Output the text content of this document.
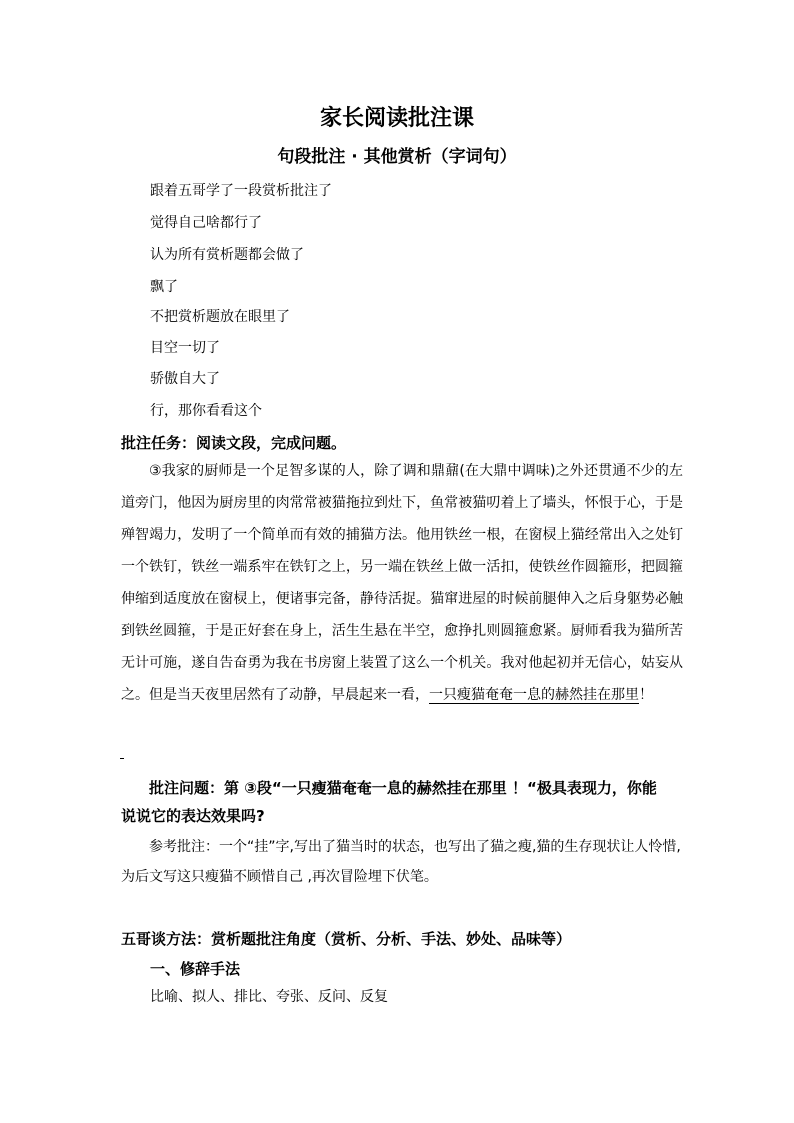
家长阅读批注课
句段批注 · 其他赏析（字词句）
跟着五哥学了一段赏析批注了
觉得自己啥都行了
认为所有赏析题都会做了
飘了
不把赏析题放在眼里了
目空一切了
骄傲自大了
行，那你看看这个
批注任务：阅读文段，完成问题。
③我家的厨师是一个足智多谋的人，除了调和鼎鼐(在大鼎中调味)之外还贯通不少的左道旁门，他因为厨房里的肉常常被猫拖拉到灶下，鱼常被猫叨着上了墙头，怀恨于心，于是殚智竭力，发明了一个简单而有效的捕猫方法。他用铁丝一根，在窗棂上猫经常出入之处钉一个铁钉，铁丝一端系牢在铁钉之上，另一端在铁丝上做一活扣，使铁丝作圆箍形，把圆箍伸缩到适度放在窗棂上，便诸事完备，静待活捉。猫窜进屋的时候前腿伸入之后身躯势必触到铁丝圆箍，于是正好套在身上，活生生悬在半空，愈挣扎则圆箍愈紧。厨师看我为猫所苦无计可施，遂自告奋勇为我在书房窗上装置了这么一个机关。我对他起初并无信心，姑妄从之。但是当天夜里居然有了动静，早晨起来一看，一只瘦猫奄奄一息的赫然挂在那里！
批注问题：第 ③段“一只瘦猫奄奄一息的赫然挂在那里 ！“极具表现力，你能说说它的表达效果吗?
参考批注：一个“挂”字,写出了猫当时的状态，也写出了猫之瘦,猫的生存现状让人怜惜,为后文写这只瘦猫不顾惜自己 ,再次冒险埋下伏笔。
五哥谈方法：赏析题批注角度（赏析、分析、手法、妙处、品味等）
一、修辞手法
比喻、拟人、排比、夸张、反问、反复
